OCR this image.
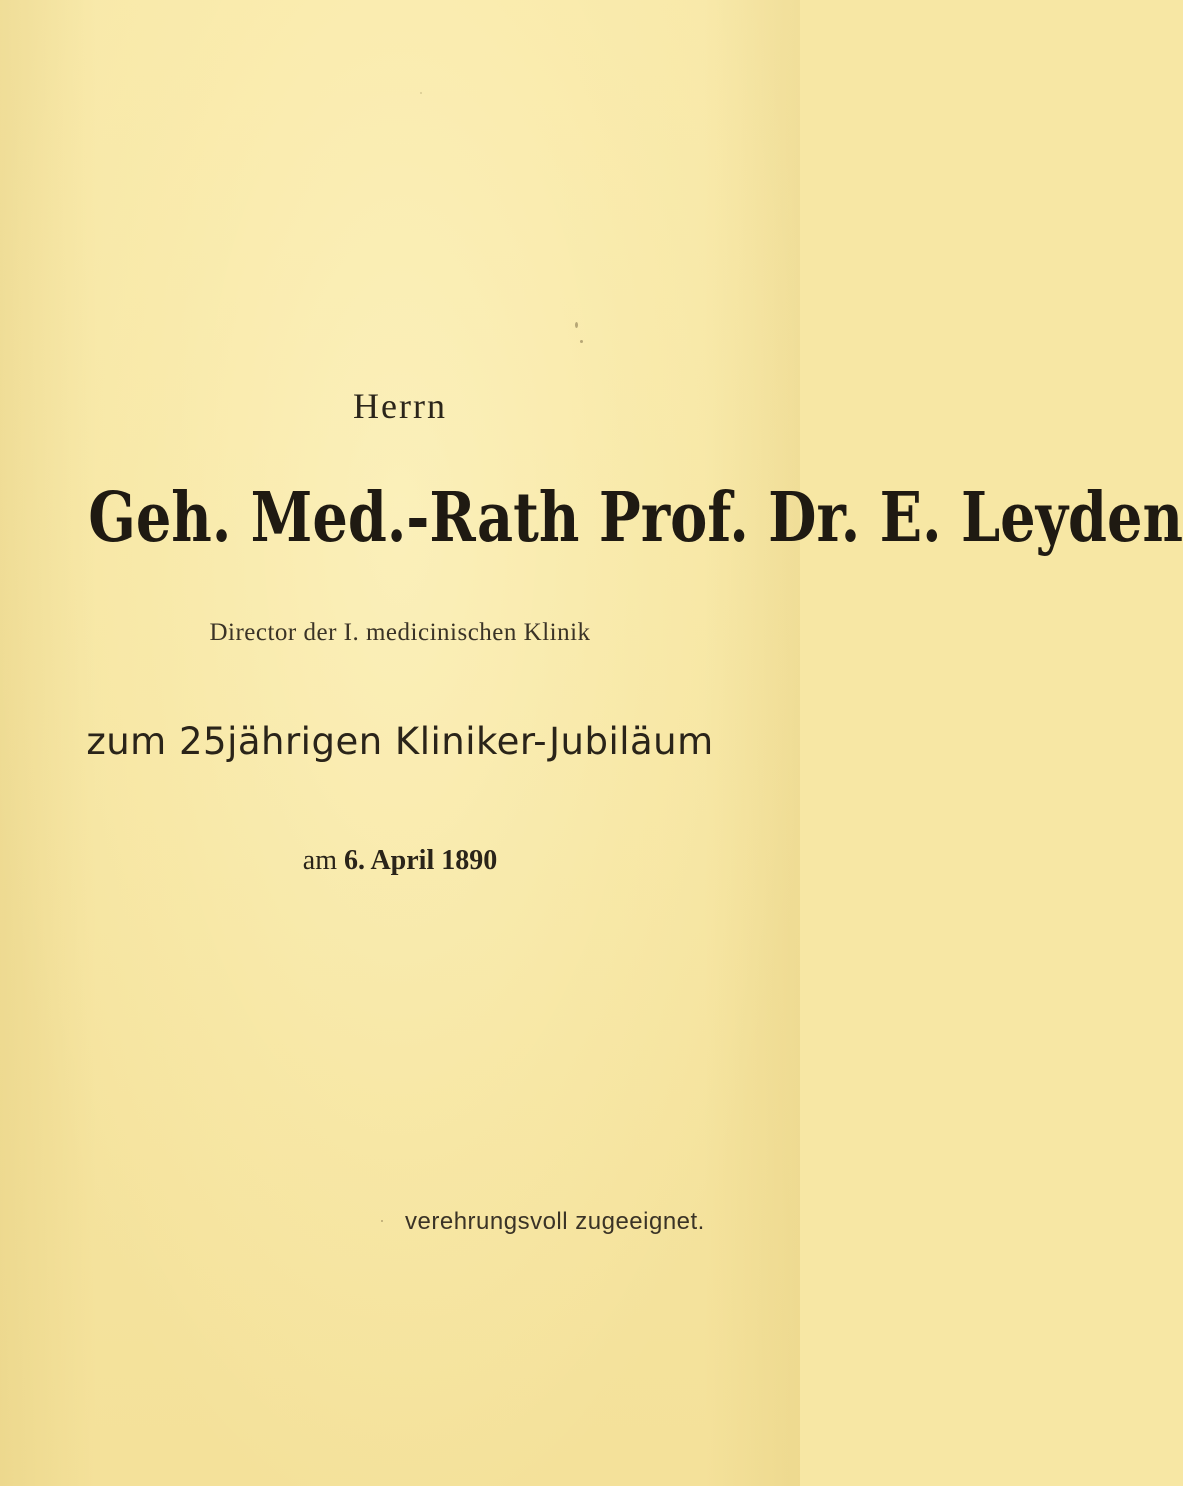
Herrn

Geh. Med.-Rath Prof. Dr. E. Leyden

Director der I. medicinischen Klinik

zum 25jährigen Kliniker-Jubiläum

am 6. April 1890

verehrungsvoll zugeeignet.
